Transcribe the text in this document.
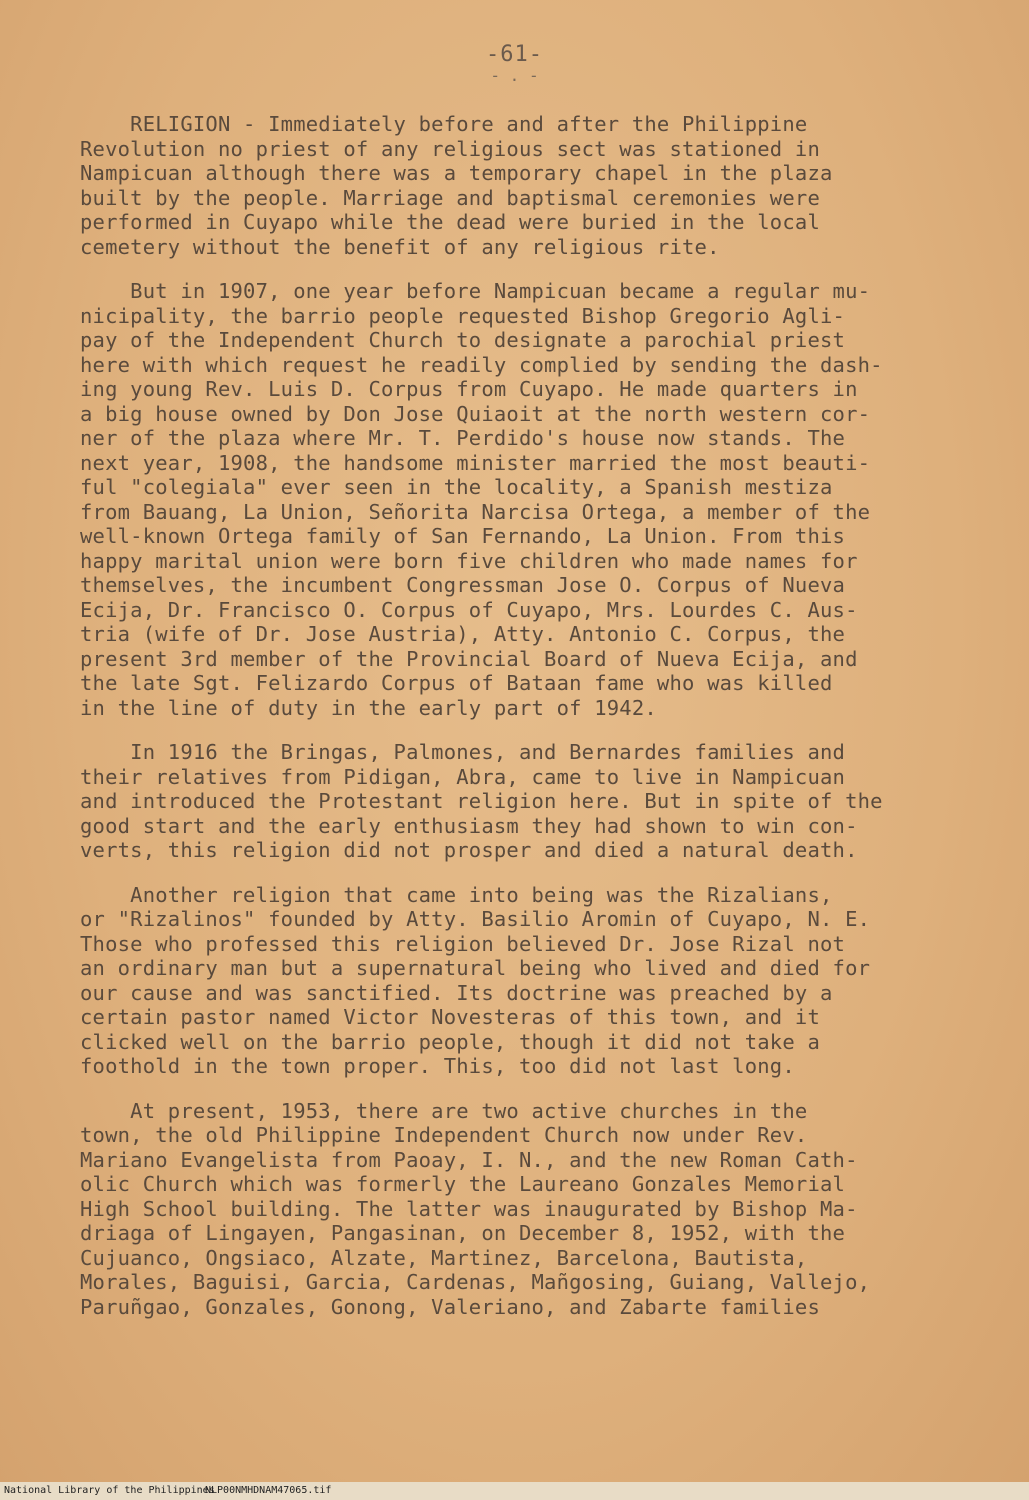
-61-
- . -

RELIGION - Immediately before and after the Philippine
Revolution no priest of any religious sect was stationed in
Nampicuan although there was a temporary chapel in the plaza
built by the people. Marriage and baptismal ceremonies were
performed in Cuyapo while the dead were buried in the local
cemetery without the benefit of any religious rite.

But in 1907, one year before Nampicuan became a regular mu-
nicipality, the barrio people requested Bishop Gregorio Agli-
pay of the Independent Church to designate a parochial priest
here with which request he readily complied by sending the dash-
ing young Rev. Luis D. Corpus from Cuyapo. He made quarters in
a big house owned by Don Jose Quiaoit at the north western cor-
ner of the plaza where Mr. T. Perdido's house now stands. The
next year, 1908, the handsome minister married the most beauti-
ful "colegiala" ever seen in the locality, a Spanish mestiza
from Bauang, La Union, Señorita Narcisa Ortega, a member of the
well-known Ortega family of San Fernando, La Union. From this
happy marital union were born five children who made names for
themselves, the incumbent Congressman Jose O. Corpus of Nueva
Ecija, Dr. Francisco O. Corpus of Cuyapo, Mrs. Lourdes C. Aus-
tria (wife of Dr. Jose Austria), Atty. Antonio C. Corpus, the
present 3rd member of the Provincial Board of Nueva Ecija, and
the late Sgt. Felizardo Corpus of Bataan fame who was killed
in the line of duty in the early part of 1942.

In 1916 the Bringas, Palmones, and Bernardes families and
their relatives from Pidigan, Abra, came to live in Nampicuan
and introduced the Protestant religion here. But in spite of the
good start and the early enthusiasm they had shown to win con-
verts, this religion did not prosper and died a natural death.

Another religion that came into being was the Rizalians,
or "Rizalinos" founded by Atty. Basilio Aromin of Cuyapo, N. E.
Those who professed this religion believed Dr. Jose Rizal not
an ordinary man but a supernatural being who lived and died for
our cause and was sanctified. Its doctrine was preached by a
certain pastor named Victor Novesteras of this town, and it
clicked well on the barrio people, though it did not take a
foothold in the town proper. This, too did not last long.

At present, 1953, there are two active churches in the
town, the old Philippine Independent Church now under Rev.
Mariano Evangelista from Paoay, I. N., and the new Roman Cath-
olic Church which was formerly the Laureano Gonzales Memorial
High School building. The latter was inaugurated by Bishop Ma-
driaga of Lingayen, Pangasinan, on December 8, 1952, with the
Cujuanco, Ongsiaco, Alzate, Martinez, Barcelona, Bautista,
Morales, Baguisi, Garcia, Cardenas, Mañgosing, Guiang, Vallejo,
Paruñgao, Gonzales, Gonong, Valeriano, and Zabarte families

National Library of the Philippines
NLP00NMHDNAM47065.tif
